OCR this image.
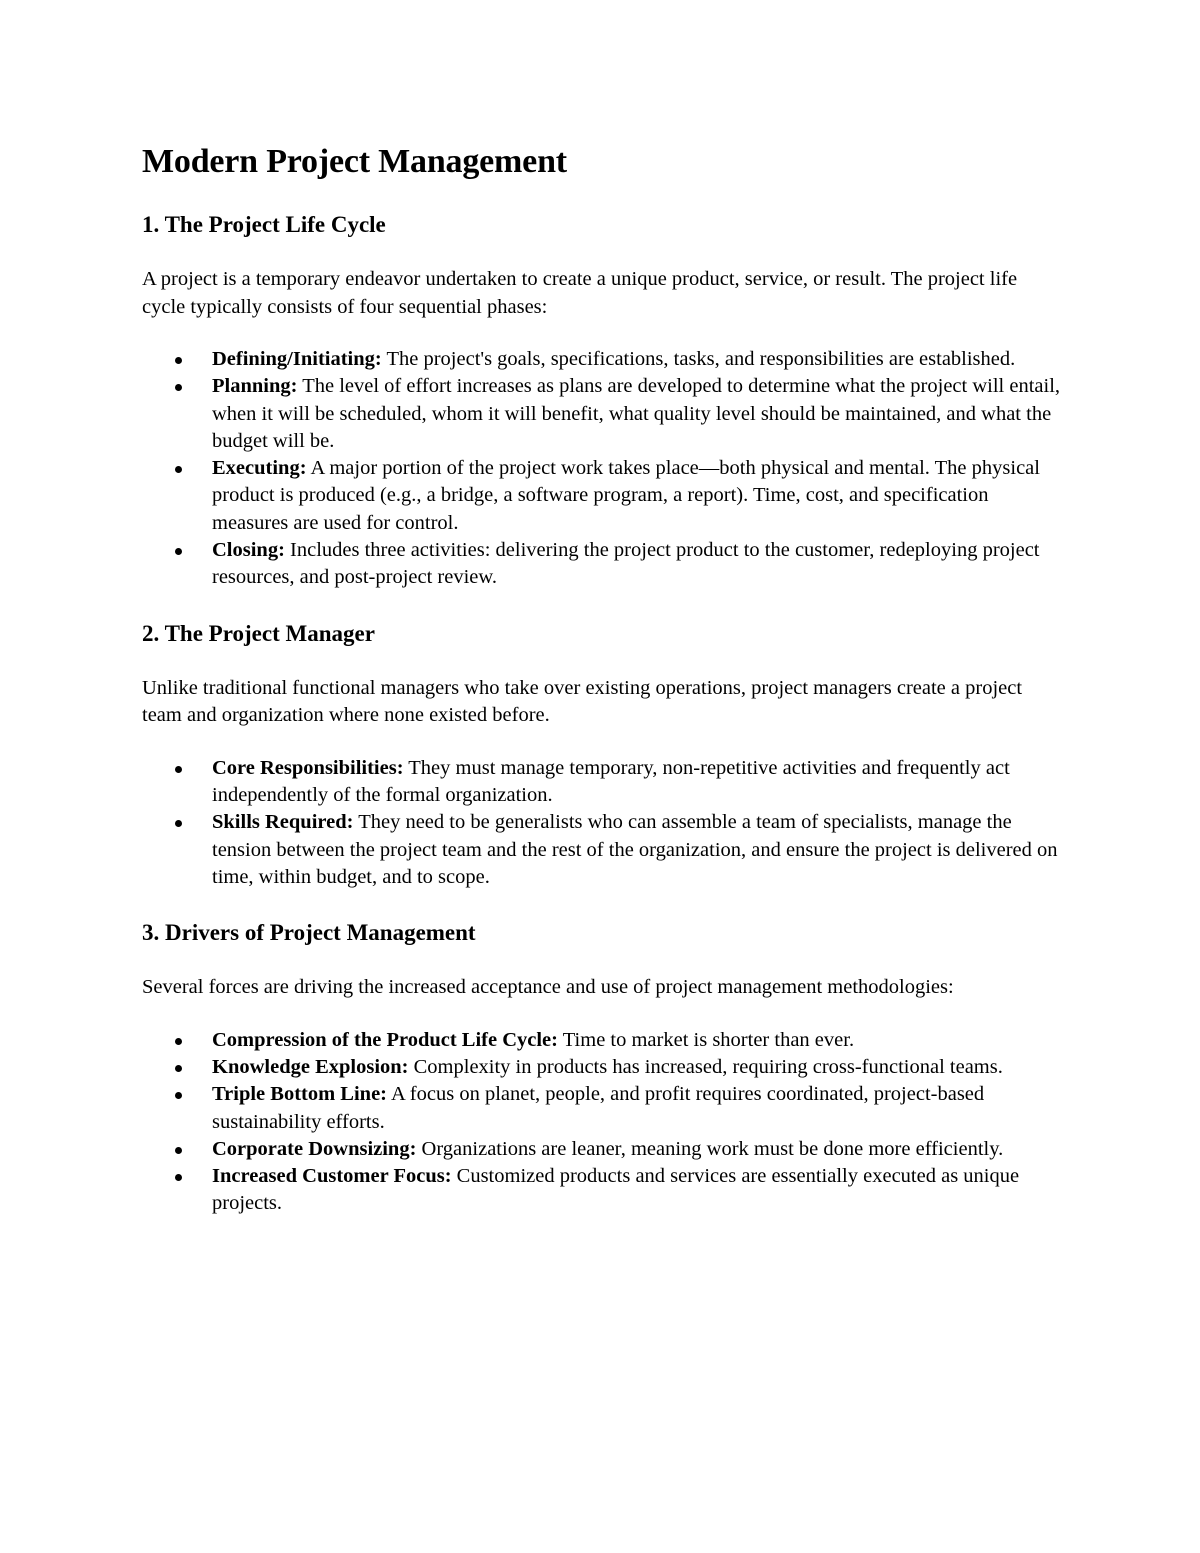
Modern Project Management
1. The Project Life Cycle

A project is a temporary endeavor undertaken to create a unique product, service, or result. The project life cycle typically consists of four sequential phases:

Defining/Initiating: The project's goals, specifications, tasks, and responsibilities are established.
Planning: The level of effort increases as plans are developed to determine what the project will entail, when it will be scheduled, whom it will benefit, what quality level should be maintained, and what the budget will be.
Executing: A major portion of the project work takes place—both physical and mental. The physical product is produced (e.g., a bridge, a software program, a report). Time, cost, and specification measures are used for control.
Closing: Includes three activities: delivering the project product to the customer, redeploying project resources, and post-project review.
2. The Project Manager

Unlike traditional functional managers who take over existing operations, project managers create a project team and organization where none existed before.

Core Responsibilities: They must manage temporary, non-repetitive activities and frequently act independently of the formal organization.
Skills Required: They need to be generalists who can assemble a team of specialists, manage the tension between the project team and the rest of the organization, and ensure the project is delivered on time, within budget, and to scope.
3. Drivers of Project Management

Several forces are driving the increased acceptance and use of project management methodologies:

Compression of the Product Life Cycle: Time to market is shorter than ever.
Knowledge Explosion: Complexity in products has increased, requiring cross-functional teams.
Triple Bottom Line: A focus on planet, people, and profit requires coordinated, project-based sustainability efforts.
Corporate Downsizing: Organizations are leaner, meaning work must be done more efficiently.
Increased Customer Focus: Customized products and services are essentially executed as unique projects.
